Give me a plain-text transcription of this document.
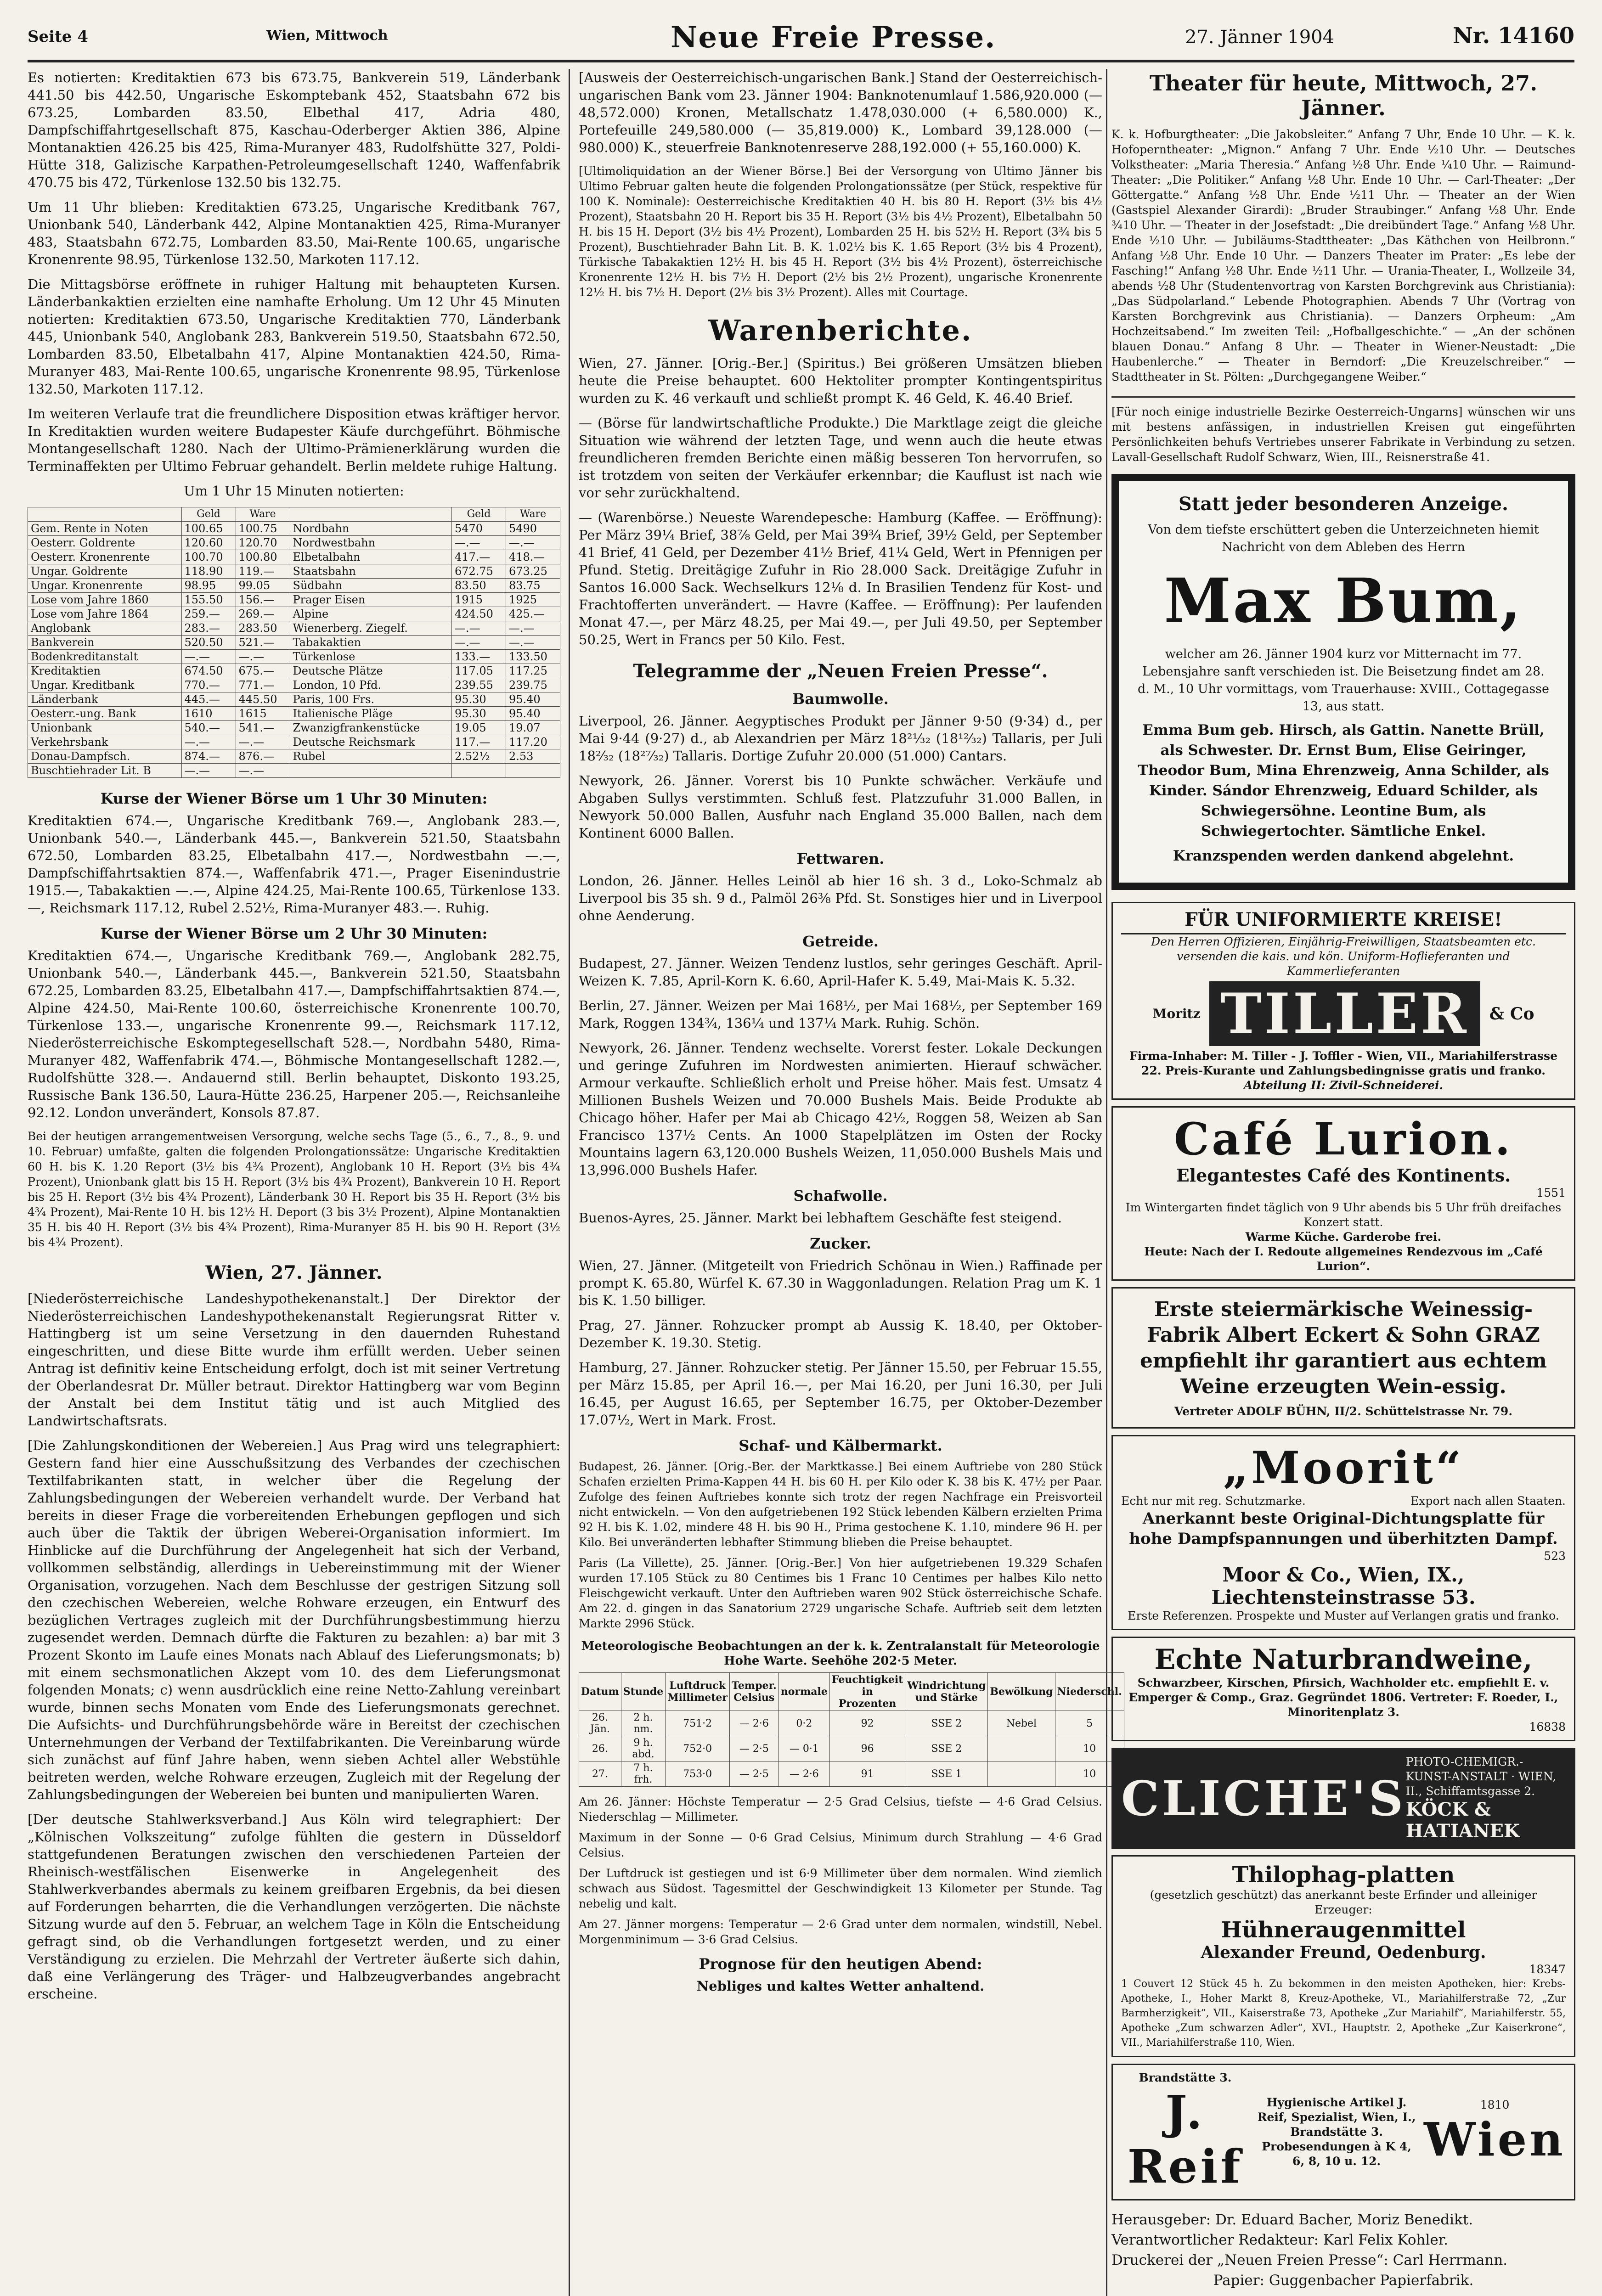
Seite 4	Wien, Mittwoch	Neue Freie Presse.	27. Jänner 1904	Nr. 14160

Es notierten: Kreditaktien 673 bis 673.75, Bankverein 519, Länderbank 441.50 bis 442.50, Ungarische Eskomptebank 452, Staatsbahn 672 bis 673.25, Lombarden 83.50, Elbethal 417, Adria 480, Dampfschiffahrtgesellschaft 875, Kaschau-Oderberger Aktien 386, Alpine Montanaktien 426.25 bis 425, Rima-Muranyer 483, Rudolfshütte 327, Poldi-Hütte 318, Galizische Karpathen-Petroleumgesellschaft 1240, Waffenfabrik 470.75 bis 472, Türkenlose 132.50 bis 132.75.

Um 11 Uhr blieben: Kreditaktien 673.25, Ungarische Kreditbank 767, Unionbank 540, Länderbank 442, Alpine Montanaktien 425, Rima-Muranyer 483, Staatsbahn 672.75, Lombarden 83.50, Mai-Rente 100.65, ungarische Kronenrente 98.95, Türkenlose 132.50, Markoten 117.12.

Die Mittagsbörse eröffnete in ruhiger Haltung mit behaupteten Kursen. Länderbankaktien erzielten eine namhafte Erholung. Um 12 Uhr 45 Minuten notierten: Kreditaktien 673.50, Ungarische Kreditaktien 770, Länderbank 445, Unionbank 540, Anglobank 283, Bankverein 519.50, Staatsbahn 672.50, Lombarden 83.50, Elbetalbahn 417, Alpine Montanaktien 424.50, Rima-Muranyer 483, Mai-Rente 100.65, ungarische Kronenrente 98.95, Türkenlose 132.50, Markoten 117.12.

Im weiteren Verlaufe trat die freundlichere Disposition etwas kräftiger hervor. In Kreditaktien wurden weitere Budapester Käufe durchgeführt. Böhmische Montangesellschaft 1280. Nach der Ultimo-Prämienerklärung wurden die Terminaffekten per Ultimo Februar gehandelt. Berlin meldete ruhige Haltung.

Um 1 Uhr 15 Minuten notierten:

	Geld	Ware		Geld	Ware
Gem. Rente in Noten	100.65	100.75	Nordbahn	5470	5490
Oesterr. Goldrente	120.60	120.70	Nordwestbahn	—.—	—.—
Oesterr. Kronenrente	100.70	100.80	Elbetalbahn	417.—	418.—
Ungar. Goldrente	118.90	119.—	Staatsbahn	672.75	673.25
Ungar. Kronenrente	98.95	99.05	Südbahn	83.50	83.75
Lose vom Jahre 1860	155.50	156.—	Prager Eisen	1915	1925
Lose vom Jahre 1864	259.—	269.—	Alpine	424.50	425.—
Anglobank	283.—	283.50	Wienerberg. Ziegelf.	—.—	—.—
Bankverein	520.50	521.—	Tabakaktien	—.—	—.—
Bodenkreditanstalt	—.—	—.—	Türkenlose	133.—	133.50
Kreditaktien	674.50	675.—	Deutsche Plätze	117.05	117.25
Ungar. Kreditbank	770.—	771.—	London, 10 Pfd.	239.55	239.75
Länderbank	445.—	445.50	Paris, 100 Frs.	95.30	95.40
Oesterr.-ung. Bank	1610	1615	Italienische Pläge	95.30	95.40
Unionbank	540.—	541.—	Zwanzigfrankenstücke	19.05	19.07
Verkehrsbank	—.—	—.—	Deutsche Reichsmark	117.—	117.20
Donau-Dampfsch.	874.—	876.—	Rubel	2.52½	2.53
Buschtiehrader Lit. B	—.—	—.—			
Kurse der Wiener Börse um 1 Uhr 30 Minuten:

Kreditaktien 674.—, Ungarische Kreditbank 769.—, Anglobank 283.—, Unionbank 540.—, Länderbank 445.—, Bankverein 521.50, Staatsbahn 672.50, Lombarden 83.25, Elbetalbahn 417.—, Nordwestbahn —.—, Dampfschiffahrtsaktien 874.—, Waffenfabrik 471.—, Prager Eisenindustrie 1915.—, Tabakaktien —.—, Alpine 424.25, Mai-Rente 100.65, Türkenlose 133.—, Reichsmark 117.12, Rubel 2.52½, Rima-Muranyer 483.—. Ruhig.

Kurse der Wiener Börse um 2 Uhr 30 Minuten:

Kreditaktien 674.—, Ungarische Kreditbank 769.—, Anglobank 282.75, Unionbank 540.—, Länderbank 445.—, Bankverein 521.50, Staatsbahn 672.25, Lombarden 83.25, Elbetalbahn 417.—, Dampfschiffahrtsaktien 874.—, Alpine 424.50, Mai-Rente 100.60, österreichische Kronenrente 100.70, Türkenlose 133.—, ungarische Kronenrente 99.—, Reichsmark 117.12, Niederösterreichische Eskomptegesellschaft 528.—, Nordbahn 5480, Rima-Muranyer 482, Waffenfabrik 474.—, Böhmische Montangesellschaft 1282.—, Rudolfshütte 328.—. Andauernd still. Berlin behauptet, Diskonto 193.25, Russische Bank 136.50, Laura-Hütte 236.25, Harpener 205.—, Reichsanleihe 92.12. London unverändert, Konsols 87.87.

Bei der heutigen arrangementweisen Versorgung, welche sechs Tage (5., 6., 7., 8., 9. und 10. Februar) umfaßte, galten die folgenden Prolongationssätze: Ungarische Kreditaktien 60 H. bis K. 1.20 Report (3½ bis 4¾ Prozent), Anglobank 10 H. Report (3½ bis 4¾ Prozent), Unionbank glatt bis 15 H. Report (3½ bis 4¾ Prozent), Bankverein 10 H. Report bis 25 H. Report (3½ bis 4¾ Prozent), Länderbank 30 H. Report bis 35 H. Report (3½ bis 4¾ Prozent), Mai-Rente 10 H. bis 12½ H. Deport (3 bis 3½ Prozent), Alpine Montanaktien 35 H. bis 40 H. Report (3½ bis 4¾ Prozent), Rima-Muranyer 85 H. bis 90 H. Report (3½ bis 4¾ Prozent).

Wien, 27. Jänner.

[Niederösterreichische Landeshypothekenanstalt.] Der Direktor der Niederösterreichischen Landeshypothekenanstalt Regierungsrat Ritter v. Hattingberg ist um seine Versetzung in den dauernden Ruhestand eingeschritten, und diese Bitte wurde ihm erfüllt werden. Ueber seinen Antrag ist definitiv keine Entscheidung erfolgt, doch ist mit seiner Vertretung der Oberlandesrat Dr. Müller betraut. Direktor Hattingberg war vom Beginn der Anstalt bei dem Institut tätig und ist auch Mitglied des Landwirtschaftsrats.

[Die Zahlungskonditionen der Webereien.] Aus Prag wird uns telegraphiert: Gestern fand hier eine Ausschußsitzung des Verbandes der czechischen Textilfabrikanten statt, in welcher über die Regelung der Zahlungsbedingungen der Webereien verhandelt wurde. Der Verband hat bereits in dieser Frage die vorbereitenden Erhebungen gepflogen und sich auch über die Taktik der übrigen Weberei-Organisation informiert. Im Hinblicke auf die Durchführung der Angelegenheit hat sich der Verband, vollkommen selbständig, allerdings in Uebereinstimmung mit der Wiener Organisation, vorzugehen. Nach dem Beschlusse der gestrigen Sitzung soll den czechischen Webereien, welche Rohware erzeugen, ein Entwurf des bezüglichen Vertrages zugleich mit der Durchführungsbestimmung hierzu zugesendet werden. Demnach dürfte die Fakturen zu bezahlen: a) bar mit 3 Prozent Skonto im Laufe eines Monats nach Ablauf des Lieferungsmonats; b) mit einem sechsmonatlichen Akzept vom 10. des dem Lieferungsmonat folgenden Monats; c) wenn ausdrücklich eine reine Netto-Zahlung vereinbart wurde, binnen sechs Monaten vom Ende des Lieferungsmonats gerechnet. Die Aufsichts- und Durchführungsbehörde wäre in Bereitst der czechischen Unternehmungen der Verband der Textilfabrikanten. Die Vereinbarung würde sich zunächst auf fünf Jahre haben, wenn sieben Achtel aller Webstühle beitreten werden, welche Rohware erzeugen, Zugleich mit der Regelung der Zahlungsbedingungen der Webereien bei bunten und manipulierten Waren.

[Der deutsche Stahlwerksverband.] Aus Köln wird telegraphiert: Der „Kölnischen Volkszeitung“ zufolge fühlten die gestern in Düsseldorf stattgefundenen Beratungen zwischen den verschiedenen Parteien der Rheinisch-westfälischen Eisenwerke in Angelegenheit des Stahlwerkverbandes abermals zu keinem greifbaren Ergebnis, da bei diesen auf Forderungen beharrten, die die Verhandlungen verzögerten. Die nächste Sitzung wurde auf den 5. Februar, an welchem Tage in Köln die Entscheidung gefragt sind, ob die Verhandlungen fortgesetzt werden, und zu einer Verständigung zu erzielen. Die Mehrzahl der Vertreter äußerte sich dahin, daß eine Verlängerung des Träger- und Halbzeugverbandes angebracht erscheine.

[Ausweis der Oesterreichisch-ungarischen Bank.] Stand der Oesterreichisch-ungarischen Bank vom 23. Jänner 1904: Banknotenumlauf 1.586,920.000 (— 48,572.000) Kronen, Metallschatz 1.478,030.000 (+ 6,580.000) K., Portefeuille 249,580.000 (— 35,819.000) K., Lombard 39,128.000 (— 980.000) K., steuerfreie Banknotenreserve 288,192.000 (+ 55,160.000) K.

[Ultimoliquidation an der Wiener Börse.] Bei der Versorgung von Ultimo Jänner bis Ultimo Februar galten heute die folgenden Prolongationssätze (per Stück, respektive für 100 K. Nominale): Oesterreichische Kreditaktien 40 H. bis 80 H. Report (3½ bis 4½ Prozent), Staatsbahn 20 H. Report bis 35 H. Report (3½ bis 4½ Prozent), Elbetalbahn 50 H. bis 15 H. Deport (3½ bis 4½ Prozent), Lombarden 25 H. bis 52½ H. Report (3¾ bis 5 Prozent), Buschtiehrader Bahn Lit. B. K. 1.02½ bis K. 1.65 Report (3½ bis 4 Prozent), Türkische Tabakaktien 12½ H. bis 45 H. Report (3½ bis 4½ Prozent), österreichische Kronenrente 12½ H. bis 7½ H. Deport (2½ bis 2½ Prozent), ungarische Kronenrente 12½ H. bis 7½ H. Deport (2½ bis 3½ Prozent). Alles mit Courtage.

Warenberichte.

Wien, 27. Jänner. [Orig.-Ber.] (Spiritus.) Bei größeren Umsätzen blieben heute die Preise behauptet. 600 Hektoliter prompter Kontingentspiritus wurden zu K. 46 verkauft und schließt prompt K. 46 Geld, K. 46.40 Brief.

— (Börse für landwirtschaftliche Produkte.) Die Marktlage zeigt die gleiche Situation wie während der letzten Tage, und wenn auch die heute etwas freundlicheren fremden Berichte einen mäßig besseren Ton hervorrufen, so ist trotzdem von seiten der Verkäufer erkennbar; die Kauflust ist nach wie vor sehr zurückhaltend.

— (Warenbörse.) Neueste Warendepesche: Hamburg (Kaffee. — Eröffnung): Per März 39¼ Brief, 38⅞ Geld, per Mai 39¾ Brief, 39½ Geld, per September 41 Brief, 41 Geld, per Dezember 41½ Brief, 41¼ Geld, Wert in Pfennigen per Pfund. Stetig. Dreitägige Zufuhr in Rio 28.000 Sack. Dreitägige Zufuhr in Santos 16.000 Sack. Wechselkurs 12⅛ d. In Brasilien Tendenz für Kost- und Frachtofferten unverändert. — Havre (Kaffee. — Eröffnung): Per laufenden Monat 47.—, per März 48.25, per Mai 49.—, per Juli 49.50, per September 50.25, Wert in Francs per 50 Kilo. Fest.

Telegramme der „Neuen Freien Presse“.
Baumwolle.

Liverpool, 26. Jänner. Aegyptisches Produkt per Jänner 9·50 (9·34) d., per Mai 9·44 (9·27) d., ab Alexandrien per März 18²¹⁄₃₂ (18¹²⁄₃₂) Tallaris, per Juli 18²⁄₃₂ (18²⁷⁄₃₂) Tallaris. Dortige Zufuhr 20.000 (51.000) Cantars.

Newyork, 26. Jänner. Vorerst bis 10 Punkte schwächer. Verkäufe und Abgaben Sullys verstimmten. Schluß fest. Platzzufuhr 31.000 Ballen, in Newyork 50.000 Ballen, Ausfuhr nach England 35.000 Ballen, nach dem Kontinent 6000 Ballen.

Fettwaren.

London, 26. Jänner. Helles Leinöl ab hier 16 sh. 3 d., Loko-Schmalz ab Liverpool bis 35 sh. 9 d., Palmöl 26⅜ Pfd. St. Sonstiges hier und in Liverpool ohne Aenderung.

Getreide.

Budapest, 27. Jänner. Weizen Tendenz lustlos, sehr geringes Geschäft. April-Weizen K. 7.85, April-Korn K. 6.60, April-Hafer K. 5.49, Mai-Mais K. 5.32.

Berlin, 27. Jänner. Weizen per Mai 168½, per Mai 168½, per September 169 Mark, Roggen 134¾, 136¼ und 137¼ Mark. Ruhig. Schön.

Newyork, 26. Jänner. Tendenz wechselte. Vorerst fester. Lokale Deckungen und geringe Zufuhren im Nordwesten animierten. Hierauf schwächer. Armour verkaufte. Schließlich erholt und Preise höher. Mais fest. Umsatz 4 Millionen Bushels Weizen und 70.000 Bushels Mais. Beide Produkte ab Chicago höher. Hafer per Mai ab Chicago 42½, Roggen 58, Weizen ab San Francisco 137½ Cents. An 1000 Stapelplätzen im Osten der Rocky Mountains lagern 63,120.000 Bushels Weizen, 11,050.000 Bushels Mais und 13,996.000 Bushels Hafer.

Schafwolle.

Buenos-Ayres, 25. Jänner. Markt bei lebhaftem Geschäfte fest steigend.

Zucker.

Wien, 27. Jänner. (Mitgeteilt von Friedrich Schönau in Wien.) Raffinade per prompt K. 65.80, Würfel K. 67.30 in Waggonladungen. Relation Prag um K. 1 bis K. 1.50 billiger.

Prag, 27. Jänner. Rohzucker prompt ab Aussig K. 18.40, per Oktober-Dezember K. 19.30. Stetig.

Hamburg, 27. Jänner. Rohzucker stetig. Per Jänner 15.50, per Februar 15.55, per März 15.85, per April 16.—, per Mai 16.20, per Juni 16.30, per Juli 16.45, per August 16.65, per September 16.75, per Oktober-Dezember 17.07½, Wert in Mark. Frost.

Schaf- und Kälbermarkt.

Budapest, 26. Jänner. [Orig.-Ber. der Marktkasse.] Bei einem Auftriebe von 280 Stück Schafen erzielten Prima-Kappen 44 H. bis 60 H. per Kilo oder K. 38 bis K. 47½ per Paar. Zufolge des feinen Auftriebes konnte sich trotz der regen Nachfrage ein Preisvorteil nicht entwickeln. — Von den aufgetriebenen 192 Stück lebenden Kälbern erzielten Prima 92 H. bis K. 1.02, mindere 48 H. bis 90 H., Prima gestochene K. 1.10, mindere 96 H. per Kilo. Bei unveränderten lebhafter Stimmung blieben die Preise behauptet.

Paris (La Villette), 25. Jänner. [Orig.-Ber.] Von hier aufgetriebenen 19.329 Schafen wurden 17.105 Stück zu 80 Centimes bis 1 Franc 10 Centimes per halbes Kilo netto Fleischgewicht verkauft. Unter den Auftrieben waren 902 Stück österreichische Schafe. Am 22. d. gingen in das Sanatorium 2729 ungarische Schafe. Auftrieb seit dem letzten Markte 2996 Stück.

Meteorologische Beobachtungen an der k. k. Zentralanstalt für Meteorologie
Hohe Warte. Seehöhe 202·5 Meter.
Datum	Stunde	Luftdruck Millimeter	Temper. Celsius	normale	Feuchtigkeit in Prozenten	Windrichtung und Stärke	Bewölkung	Niederschl.
26. Jän.	2 h. nm.	751·2	— 2·6	0·2	92	SSE 2	Nebel	5
26.	9 h. abd.	752·0	— 2·5	— 0·1	96	SSE 2		10
27.	7 h. frh.	753·0	— 2·5	— 2·6	91	SSE 1		10

Am 26. Jänner: Höchste Temperatur — 2·5 Grad Celsius, tiefste — 4·6 Grad Celsius. Niederschlag — Millimeter.

Maximum in der Sonne — 0·6 Grad Celsius, Minimum durch Strahlung — 4·6 Grad Celsius.

Der Luftdruck ist gestiegen und ist 6·9 Millimeter über dem normalen. Wind ziemlich schwach aus Südost. Tagesmittel der Geschwindigkeit 13 Kilometer per Stunde. Tag nebelig und kalt.

Am 27. Jänner morgens: Temperatur — 2·6 Grad unter dem normalen, windstill, Nebel. Morgenminimum — 3·6 Grad Celsius.

Prognose für den heutigen Abend:

Nebliges und kaltes Wetter anhaltend.

Theater für heute, Mittwoch, 27. Jänner.

K. k. Hofburgtheater: „Die Jakobsleiter.“ Anfang 7 Uhr, Ende 10 Uhr. — K. k. Hofoperntheater: „Mignon.“ Anfang 7 Uhr. Ende ½10 Uhr. — Deutsches Volkstheater: „Maria Theresia.“ Anfang ½8 Uhr. Ende ¼10 Uhr. — Raimund-Theater: „Die Politiker.“ Anfang ½8 Uhr. Ende 10 Uhr. — Carl-Theater: „Der Göttergatte.“ Anfang ½8 Uhr. Ende ½11 Uhr. — Theater an der Wien (Gastspiel Alexander Girardi): „Bruder Straubinger.“ Anfang ½8 Uhr. Ende ¾10 Uhr. — Theater in der Josefstadt: „Die dreibündert Tage.“ Anfang ½8 Uhr. Ende ½10 Uhr. — Jubiläums-Stadttheater: „Das Käthchen von Heilbronn.“ Anfang ½8 Uhr. Ende 10 Uhr. — Danzers Theater im Prater: „Es lebe der Fasching!“ Anfang ½8 Uhr. Ende ½11 Uhr. — Urania-Theater, I., Wollzeile 34, abends ½8 Uhr (Studentenvortrag von Karsten Borchgrevink aus Christiania): „Das Südpolarland.“ Lebende Photographien. Abends 7 Uhr (Vortrag von Karsten Borchgrevink aus Christiania). — Danzers Orpheum: „Am Hochzeitsabend.“ Im zweiten Teil: „Hofballgeschichte.“ — „An der schönen blauen Donau.“ Anfang 8 Uhr. — Theater in Wiener-Neustadt: „Die Haubenlerche.“ — Theater in Berndorf: „Die Kreuzelschreiber.“ — Stadttheater in St. Pölten: „Durchgegangene Weiber.“

[Für noch einige industrielle Bezirke Oesterreich-Ungarns] wünschen wir uns mit bestens anfässigen, in industriellen Kreisen gut eingeführten Persönlichkeiten behufs Vertriebes unserer Fabrikate in Verbindung zu setzen. Lavall-Gesellschaft Rudolf Schwarz, Wien, III., Reisnerstraße 41.

Statt jeder besonderen Anzeige.

Von dem tiefste erschüttert geben die Unterzeichneten hiemit Nachricht von dem Ableben des Herrn

Max Bum,

welcher am 26. Jänner 1904 kurz vor Mitternacht im 77. Lebensjahre sanft verschieden ist. Die Beisetzung findet am 28. d. M., 10 Uhr vormittags, vom Trauerhause: XVIII., Cottagegasse 13, aus statt.

Emma Bum geb. Hirsch, als Gattin. Nanette Brüll, als Schwester. Dr. Ernst Bum, Elise Geiringer, Theodor Bum, Mina Ehrenzweig, Anna Schilder, als Kinder. Sándor Ehrenzweig, Eduard Schilder, als Schwiegersöhne. Leontine Bum, als Schwiegertochter. Sämtliche Enkel.

Kranzspenden werden dankend abgelehnt.

FÜR UNIFORMIERTE KREISE!
Den Herren Offizieren, Einjährig-Freiwilligen, Staatsbeamten etc. versenden die kais. und kön. Uniform-Hoflieferanten und Kammerlieferanten
Moritz TILLER	& Co
Firma-Inhaber: M. Tiller - J. Toffler - Wien, VII., Mariahilferstrasse 22. Preis-Kurante und Zahlungsbedingnisse gratis und franko.
Abteilung II: Zivil-Schneiderei.
Café Lurion.
Elegantestes Café des Kontinents.
1551
Im Wintergarten findet täglich von 9 Uhr abends bis 5 Uhr früh dreifaches Konzert statt.
Warme Küche. Garderobe frei.
Heute: Nach der I. Redoute allgemeines Rendezvous im „Café Lurion“.
Erste steiermärkische Weinessig-Fabrik Albert Eckert & Sohn GRAZ empfiehlt ihr garantiert aus echtem Weine erzeugten Wein-essig.
Vertreter ADOLF BÜHN, II/2. Schüttelstrasse Nr. 79.
„Moorit“
Echt nur mit reg. Schutzmarke.	Export nach allen Staaten.
Anerkannt beste Original-Dichtungsplatte für hohe Dampfspannungen und überhitzten Dampf.
523
Moor & Co., Wien, IX., Liechtensteinstrasse 53.
Erste Referenzen. Prospekte und Muster auf Verlangen gratis und franko.
Echte Naturbrandweine,
Schwarzbeer, Kirschen, Pfirsich, Wachholder etc. empfiehlt E. v. Emperger & Comp., Graz. Gegründet 1806. Vertreter: F. Roeder, I., Minoritenplatz 3.
16838
CLICHE'S
PHOTO-CHEMIGR.-KUNST-ANSTALT · WIEN, II., Schiffamtsgasse 2.
KÖCK & HATIANEK
Thilophag-platten
(gesetzlich geschützt) das anerkannt beste Erfinder und alleiniger Erzeuger:
Hühneraugenmittel
Alexander Freund, Oedenburg.
18347
1 Couvert 12 Stück 45 h. Zu bekommen in den meisten Apotheken, hier: Krebs-Apotheke, I., Hoher Markt 8, Kreuz-Apotheke, VI., Mariahilferstraße 72, „Zur Barmherzigkeit“, VII., Kaiserstraße 73, Apotheke „Zur Mariahilf“, Mariahilferstr. 55, Apotheke „Zum schwarzen Adler“, XVI., Hauptstr. 2, Apotheke „Zur Kaiserkrone“, VII., Mariahilferstraße 110, Wien.
Brandstätte 3.
J. Reif
Hygienische Artikel J. Reif, Spezialist, Wien, I., Brandstätte 3. Probesendungen à K 4, 6, 8, 10 u. 12.
1810
Wien
Herausgeber: Dr. Eduard Bacher, Moriz Benedikt.
Verantwortlicher Redakteur: Karl Felix Kohler.
Druckerei der „Neuen Freien Presse“: Carl Herrmann.
Papier: Guggenbacher Papierfabrik.
